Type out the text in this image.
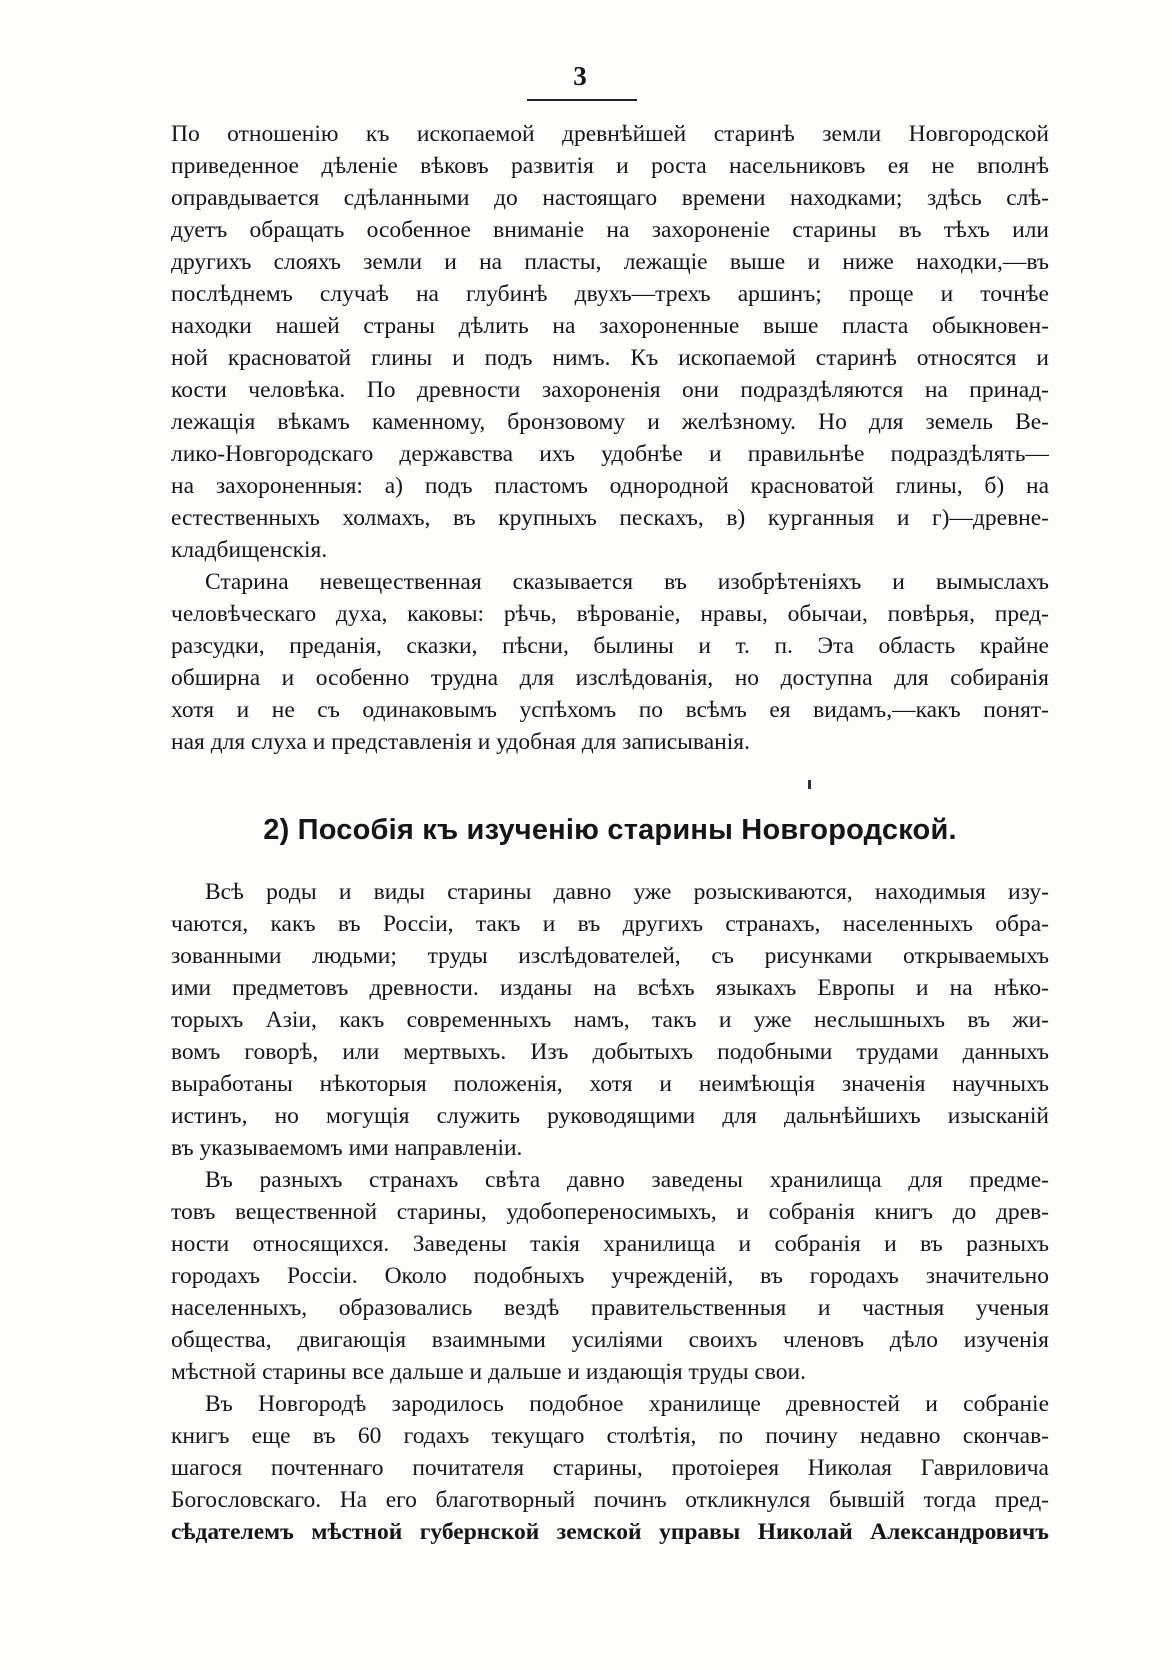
3
По отношенію къ ископаемой древнѣйшей старинѣ земли Новгородской
приведенное дѣленіе вѣковъ развитія и роста насельниковъ ея не вполнѣ
оправдывается сдѣланными до настоящаго времени находками; здѣсь слѣ-
дуетъ обращать особенное вниманіе на захороненіе старины въ тѣхъ или
другихъ слояхъ земли и на пласты, лежащіе выше и ниже находки,—въ
послѣднемъ случаѣ на глубинѣ двухъ—трехъ аршинъ; проще и точнѣе
находки нашей страны дѣлить на захороненные выше пласта обыкновен-
ной красноватой глины и подъ нимъ. Къ ископаемой старинѣ относятся и
кости человѣка. По древности захороненія они подраздѣляются на принад-
лежащія вѣкамъ каменному, бронзовому и желѣзному. Но для земель Ве-
лико-Новгородскаго державства ихъ удобнѣе и правильнѣе подраздѣлять—
на захороненныя: а) подъ пластомъ однородной красноватой глины, б) на
естественныхъ холмахъ, въ крупныхъ пескахъ, в) курганныя и г)—древне-
кладбищенскія.
Старина невещественная сказывается въ изобрѣтеніяхъ и вымыслахъ
человѣческаго духа, каковы: рѣчь, вѣрованіе, нравы, обычаи, повѣрья, пред-
разсудки, преданія, сказки, пѣсни, былины и т. п. Эта область крайне
обширна и особенно трудна для изслѣдованія, но доступна для собиранія
хотя и не съ одинаковымъ успѣхомъ по всѣмъ ея видамъ,—какъ понят-
ная для слуха и представленія и удобная для записыванія.
2) Пособія къ изученію старины Новгородской.
Всѣ роды и виды старины давно уже розыскиваются, находимыя изу-
чаются, какъ въ Россіи, такъ и въ другихъ странахъ, населенныхъ обра-
зованными людьми; труды изслѣдователей, съ рисунками открываемыхъ
ими предметовъ древности. изданы на всѣхъ языкахъ Европы и на нѣко-
торыхъ Азіи, какъ современныхъ намъ, такъ и уже неслышныхъ въ жи-
вомъ говорѣ, или мертвыхъ. Изъ добытыхъ подобными трудами данныхъ
выработаны нѣкоторыя положенія, хотя и неимѣющія значенія научныхъ
истинъ, но могущія служить руководящими для дальнѣйшихъ изысканій
въ указываемомъ ими направленіи.
Въ разныхъ странахъ свѣта давно заведены хранилища для предме-
товъ вещественной старины, удобопереносимыхъ, и собранія книгъ до древ-
ности относящихся. Заведены такія хранилища и собранія и въ разныхъ
городахъ Россіи. Около подобныхъ учрежденій, въ городахъ значительно
населенныхъ, образовались вездѣ правительственныя и частныя ученыя
общества, двигающія взаимными усиліями своихъ членовъ дѣло изученія
мѣстной старины все дальше и дальше и издающія труды свои.
Въ Новгородѣ зародилось подобное хранилище древностей и собраніе
книгъ еще въ 60 годахъ текущаго столѣтія, по почину недавно скончав-
шагося почтеннаго почитателя старины, протоіерея Николая Гавриловича
Богословскаго. На его благотворный починъ откликнулся бывшій тогда пред-
сѣдателемъ мѣстной губернской земской управы Николай Александровичъ
